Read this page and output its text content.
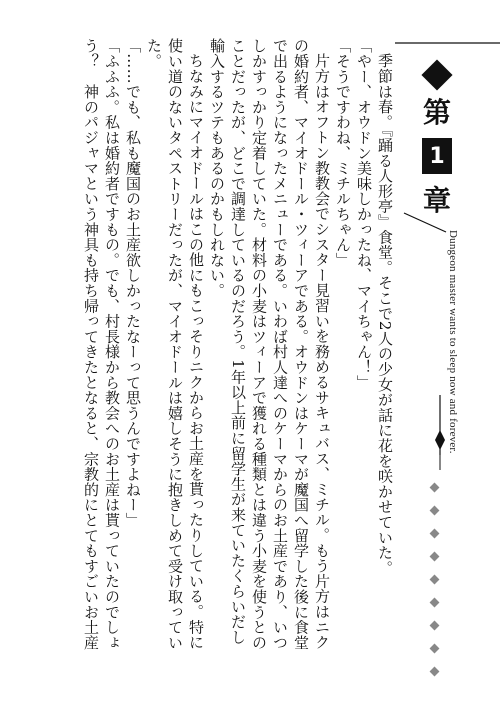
第
1
章
Dungeon master wants to sleep now and forever.

季節は春。『踊る人形亭』食堂。そこで2人の少女が話に花を咲かせていた。

「やー、オウドン美味しかったね、マイちゃん！」

「そうですわね、ミチルちゃん」

片方はオフトン教教会でシスター見習いを務めるサキュバス、ミチル。もう片方はニクの婚約者、マイオドール・ツィーアである。オウドンはケーマが魔国へ留学した後に食堂で出るようになったメニューである。いわば村人達へのケーマからのお土産であり、いつしかすっかり定着していた。材料の小麦はツィーアで獲れる種類とは違う小麦を使うとのことだったが、どこで調達しているのだろう。1年以上前に留学生が来ていたくらいだし輸入するツテもあるのかもしれない。

ちなみにマイオドールはこの他にもこっそりニクからお土産を貰ったりしている。特に使い道のないタペストリーだったが、マイオドールは嬉しそうに抱きしめて受け取っていた。

「……でも、私も魔国のお土産欲しかったなーって思うんですよねー」

「ふふふ。私は婚約者ですもの。でも、村長様から教会へのお土産は貰っていたのでしょう？　神のパジャマという神具も持ち帰ってきたとなると、宗教的にとてもすごいお土産
